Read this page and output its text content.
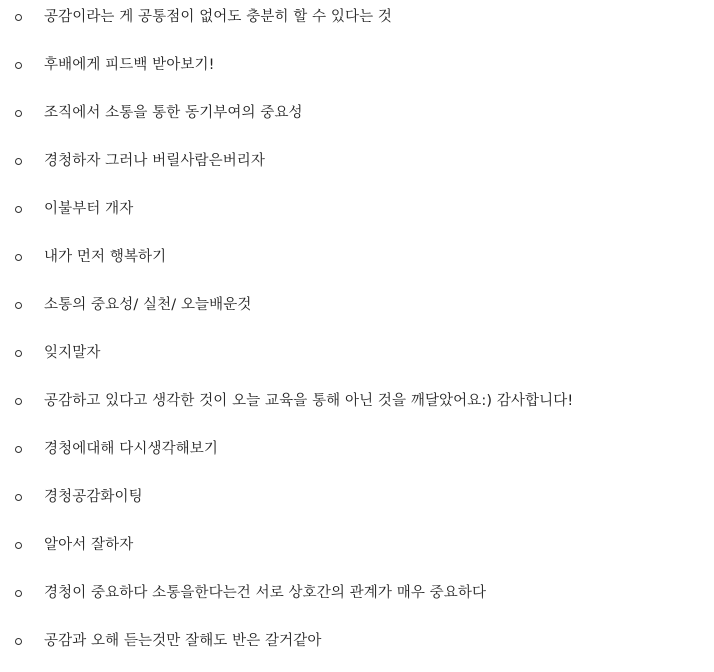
공감이라는 게 공통점이 없어도 충분히 할 수 있다는 것
후배에게 피드백 받아보기!
조직에서 소통을 통한 동기부여의 중요성
경청하자 그러나 버릴사람은버리자
이불부터 개자
내가 먼저 행복하기
소통의 중요성/ 실천/ 오늘배운것
잊지말자
공감하고 있다고 생각한 것이 오늘 교육을 통해 아닌 것을 깨달았어요:) 감사합니다!
경청에대해 다시생각해보기
경청공감화이팅
알아서 잘하자
경청이 중요하다 소통을한다는건 서로 상호간의 관계가 매우 중요하다
공감과 오해 듣는것만 잘해도 반은 갈거같아
